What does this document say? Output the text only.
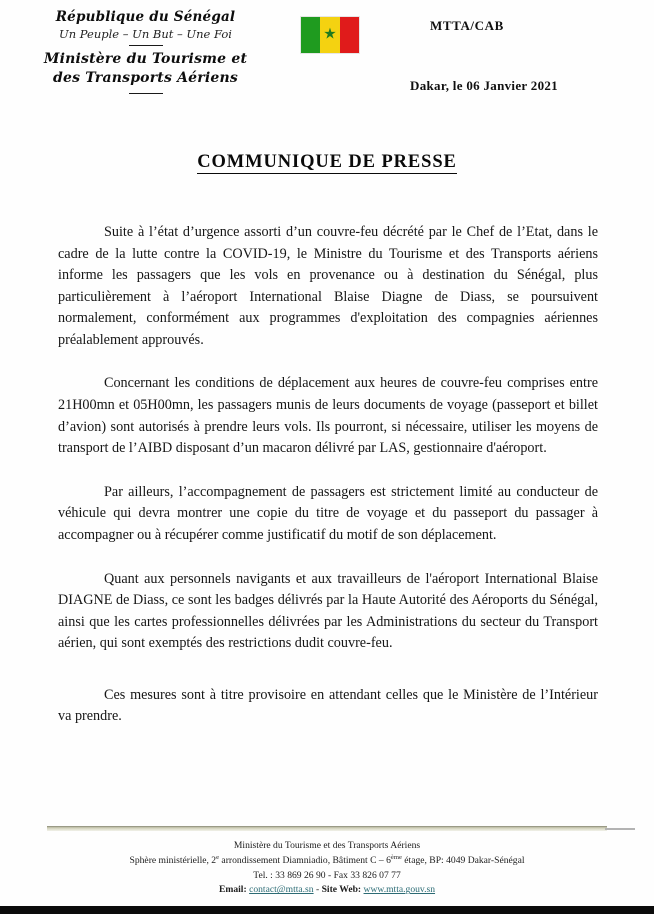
République du Sénégal
Un Peuple – Un But – Une Foi
Ministère du Tourisme et
des Transports Aériens
★
MTTA/CAB
Dakar, le 06 Janvier 2021
COMMUNIQUE DE PRESSE

Suite à l’état d’urgence assorti d’un couvre-feu décrété par le Chef de l’Etat, dans le cadre de la lutte contre la COVID-19, le Ministre du Tourisme et des Transports aériens informe les passagers que les vols en provenance ou à destination du Sénégal, plus particulièrement à l’aéroport International Blaise Diagne de Diass, se poursuivent normalement, conformément aux programmes d'exploitation des compagnies aériennes préalablement approuvés.

Concernant les conditions de déplacement aux heures de couvre-feu comprises entre 21H00mn et 05H00mn, les passagers munis de leurs documents de voyage (passeport et billet d’avion) sont autorisés à prendre leurs vols. Ils pourront, si nécessaire, utiliser les moyens de transport de l’AIBD disposant d’un macaron délivré par LAS, gestionnaire d'aéroport.

Par ailleurs, l’accompagnement de passagers est strictement limité au conducteur de véhicule qui devra montrer une copie du titre de voyage et du passeport du passager à accompagner ou à récupérer comme justificatif du motif de son déplacement.

Quant aux personnels navigants et aux travailleurs de l'aéroport International Blaise DIAGNE de Diass, ce sont les badges délivrés par la Haute Autorité des Aéroports du Sénégal, ainsi que les cartes professionnelles délivrées par les Administrations du secteur du Transport aérien, qui sont exemptés des restrictions dudit couvre-feu.

Ces mesures sont à titre provisoire en attendant celles que le Ministère de l’Intérieur va prendre.

Ministère du Tourisme et des Transports Aériens
Sphère ministérielle, 2e arrondissement Diamniadio, Bâtiment C – 6ème étage, BP: 4049 Dakar-Sénégal
Tel. : 33 869 26 90 - Fax 33 826 07 77
Email: contact@mtta.sn - Site Web: www.mtta.gouv.sn
